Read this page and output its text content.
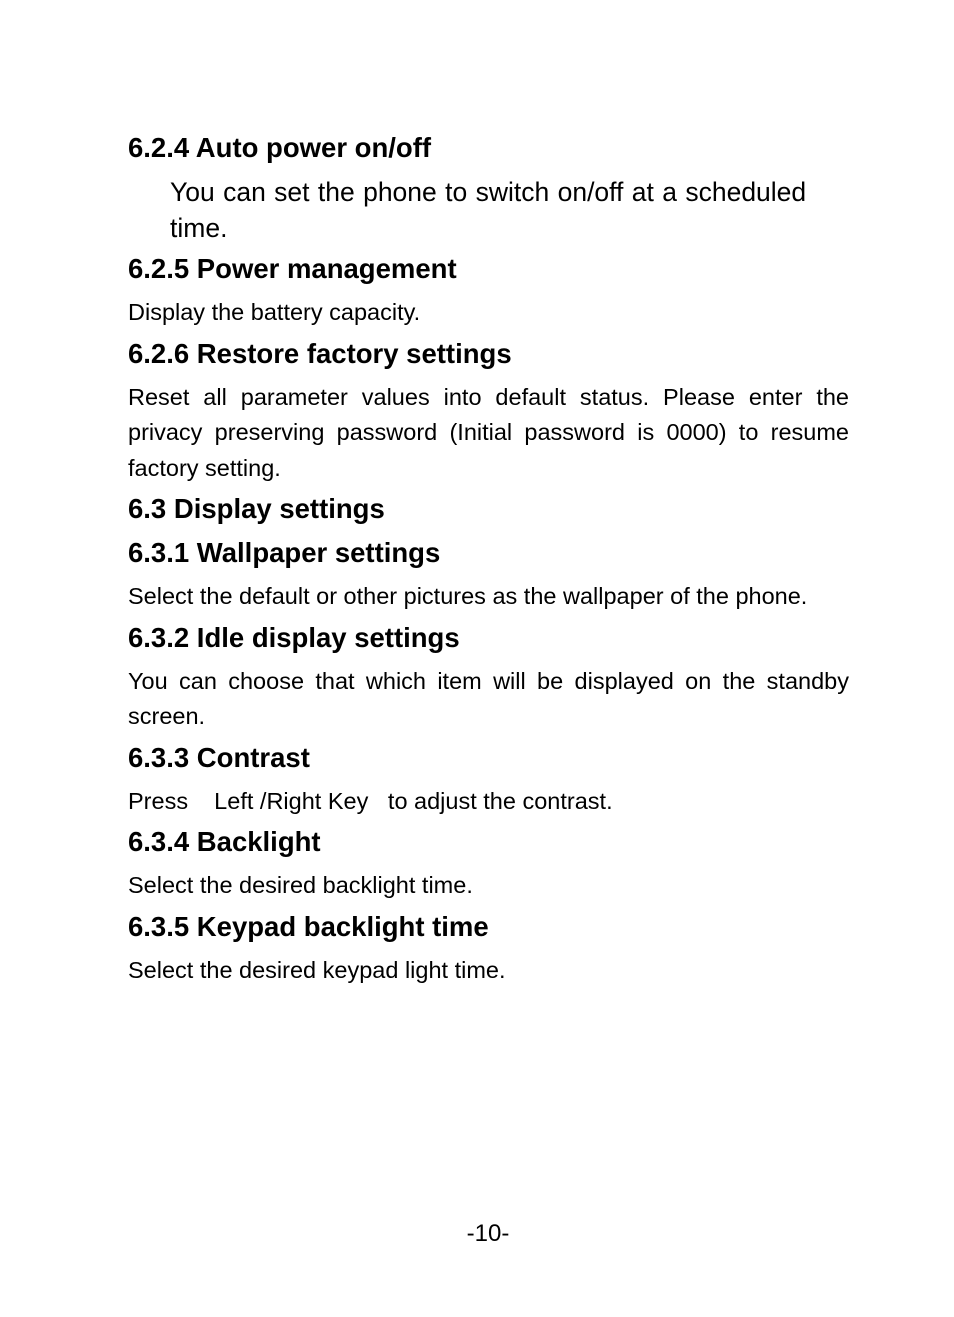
6.2.4 Auto power on/off
You can set the phone to switch on/off at a scheduled time.
6.2.5 Power management
Display the battery capacity.
6.2.6 Restore factory settings
Reset all parameter values into default status. Please enter the privacy preserving password (Initial password is 0000) to resume factory setting.
6.3 Display settings
6.3.1 Wallpaper settings
Select the default or other pictures as the wallpaper of the phone.
6.3.2 Idle display settings
You can choose that which item will be displayed on the standby screen.
6.3.3 Contrast
Press    Left /Right Key   to adjust the contrast.
6.3.4 Backlight
Select the desired backlight time.
6.3.5 Keypad backlight time
Select the desired keypad light time.
-10-
